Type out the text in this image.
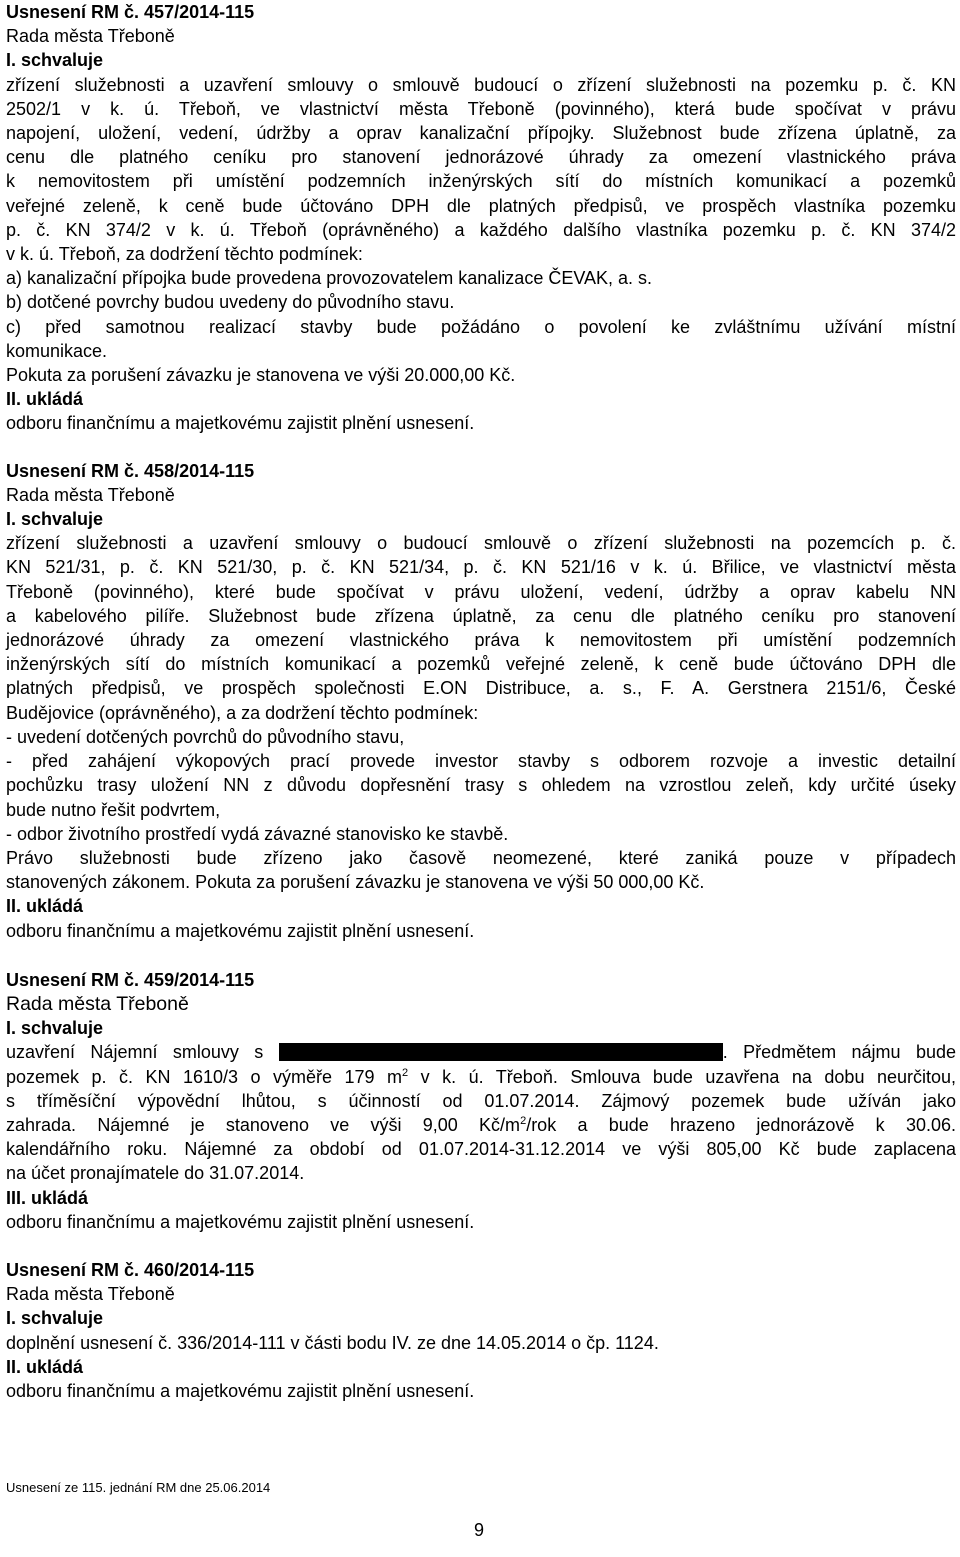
Usnesení RM č. 457/2014-115
Rada města Třeboně
I. schvaluje
zřízení služebnosti a uzavření smlouvy o smlouvě budoucí o zřízení služebnosti na pozemku p. č. KN
2502/1 v k. ú. Třeboň, ve vlastnictví města Třeboně (povinného), která bude spočívat v právu
napojení, uložení, vedení, údržby a oprav kanalizační přípojky. Služebnost bude zřízena úplatně, za
cenu dle platného ceníku pro stanovení jednorázové úhrady za omezení vlastnického práva
k nemovitostem při umístění podzemních inženýrských sítí do místních komunikací a pozemků
veřejné zeleně, k ceně bude účtováno DPH dle platných předpisů, ve prospěch vlastníka pozemku
p. č. KN 374/2 v k. ú. Třeboň (oprávněného) a každého dalšího vlastníka pozemku p. č. KN 374/2
v k. ú. Třeboň, za dodržení těchto podmínek:
a) kanalizační přípojka bude provedena provozovatelem kanalizace ČEVAK, a. s.
b) dotčené povrchy budou uvedeny do původního stavu.
c) před samotnou realizací stavby bude požádáno o povolení ke zvláštnímu užívání místní
komunikace.
Pokuta za porušení závazku je stanovena ve výši 20.000,00 Kč.
II. ukládá
odboru finančnímu a majetkovému zajistit plnění usnesení.
Usnesení RM č. 458/2014-115
Rada města Třeboně
I. schvaluje
zřízení služebnosti a uzavření smlouvy o budoucí smlouvě o zřízení služebnosti na pozemcích p. č.
KN 521/31, p. č. KN 521/30, p. č. KN 521/34, p. č. KN 521/16 v k. ú. Břilice, ve vlastnictví města
Třeboně (povinného), které bude spočívat v právu uložení, vedení, údržby a oprav kabelu NN
a kabelového pilíře. Služebnost bude zřízena úplatně, za cenu dle platného ceníku pro stanovení
jednorázové úhrady za omezení vlastnického práva k nemovitostem při umístění podzemních
inženýrských sítí do místních komunikací a pozemků veřejné zeleně, k ceně bude účtováno DPH dle
platných předpisů, ve prospěch společnosti E.ON Distribuce, a. s., F. A. Gerstnera 2151/6, České
Budějovice (oprávněného), a za dodržení těchto podmínek:
- uvedení dotčených povrchů do původního stavu,
- před zahájení výkopových prací provede investor stavby s odborem rozvoje a investic detailní
pochůzku trasy uložení NN z důvodu dopřesnění trasy s ohledem na vzrostlou zeleň, kdy určité úseky
bude nutno řešit podvrtem,
- odbor životního prostředí vydá závazné stanovisko ke stavbě.
Právo služebnosti bude zřízeno jako časově neomezené, které zaniká pouze v případech
stanovených zákonem. Pokuta za porušení závazku je stanovena ve výši 50 000,00 Kč.
II. ukládá
odboru finančnímu a majetkovému zajistit plnění usnesení.
Usnesení RM č. 459/2014-115
Rada města Třeboně
I. schvaluje
uzavření Nájemní smlouvy s	. Předmětem nájmu bude
pozemek p. č. KN 1610/3 o výměře 179 $m^2$ v k. ú. Třeboň. Smlouva bude uzavřena na dobu neurčitou,
s tříměsíční výpovědní lhůtou, s účinností od 01.07.2014. Zájmový pozemek bude užíván jako
zahrada. Nájemné je stanoveno ve výši 9,00 $Kč/m^2$/rok a bude hrazeno jednorázově k 30.06.
kalendářního roku. Nájemné za období od 01.07.2014-31.12.2014 ve výši 805,00 Kč bude zaplacena
na účet pronajímatele do 31.07.2014.
III. ukládá
odboru finančnímu a majetkovému zajistit plnění usnesení.
Usnesení RM č. 460/2014-115
Rada města Třeboně
I. schvaluje
doplnění usnesení č. 336/2014-111 v části bodu IV. ze dne 14.05.2014 o čp. 1124.
II. ukládá
odboru finančnímu a majetkovému zajistit plnění usnesení.
Usnesení ze 115. jednání RM dne 25.06.2014
9
